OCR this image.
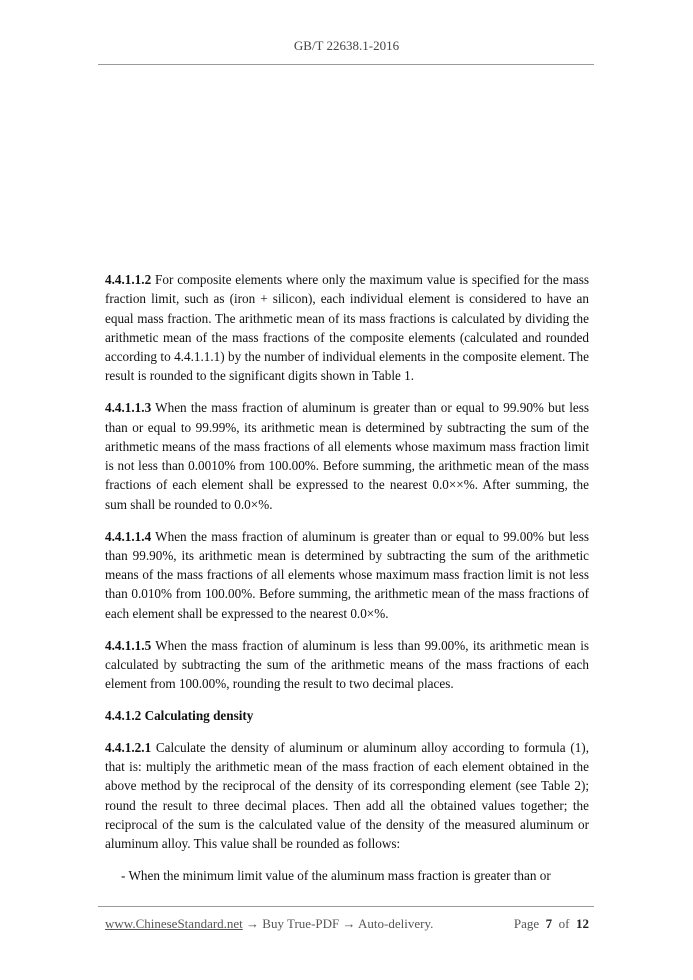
GB/T 22638.1-2016

4.4.1.1.2 For composite elements where only the maximum value is specified for the mass fraction limit, such as (iron + silicon), each individual element is considered to have an equal mass fraction. The arithmetic mean of its mass fractions is calculated by dividing the arithmetic mean of the mass fractions of the composite elements (calculated and rounded according to 4.4.1.1.1) by the number of individual elements in the composite element. The result is rounded to the significant digits shown in Table 1.

4.4.1.1.3 When the mass fraction of aluminum is greater than or equal to 99.90% but less than or equal to 99.99%, its arithmetic mean is determined by subtracting the sum of the arithmetic means of the mass fractions of all elements whose maximum mass fraction limit is not less than 0.0010% from 100.00%. Before summing, the arithmetic mean of the mass fractions of each element shall be expressed to the nearest 0.0××%. After summing, the sum shall be rounded to 0.0×%.

4.4.1.1.4 When the mass fraction of aluminum is greater than or equal to 99.00% but less than 99.90%, its arithmetic mean is determined by subtracting the sum of the arithmetic means of the mass fractions of all elements whose maximum mass fraction limit is not less than 0.010% from 100.00%. Before summing, the arithmetic mean of the mass fractions of each element shall be expressed to the nearest 0.0×%.

4.4.1.1.5 When the mass fraction of aluminum is less than 99.00%, its arithmetic mean is calculated by subtracting the sum of the arithmetic means of the mass fractions of each element from 100.00%, rounding the result to two decimal places.

4.4.1.2 Calculating density

4.4.1.2.1 Calculate the density of aluminum or aluminum alloy according to formula (1), that is: multiply the arithmetic mean of the mass fraction of each element obtained in the above method by the reciprocal of the density of its corresponding element (see Table 2); round the result to three decimal places. Then add all the obtained values together; the reciprocal of the sum is the calculated value of the density of the measured aluminum or aluminum alloy. This value shall be rounded as follows:

- When the minimum limit value of the aluminum mass fraction is greater than or

www.ChineseStandard.net → Buy True-PDF → Auto-delivery.	Page 7 of 12
